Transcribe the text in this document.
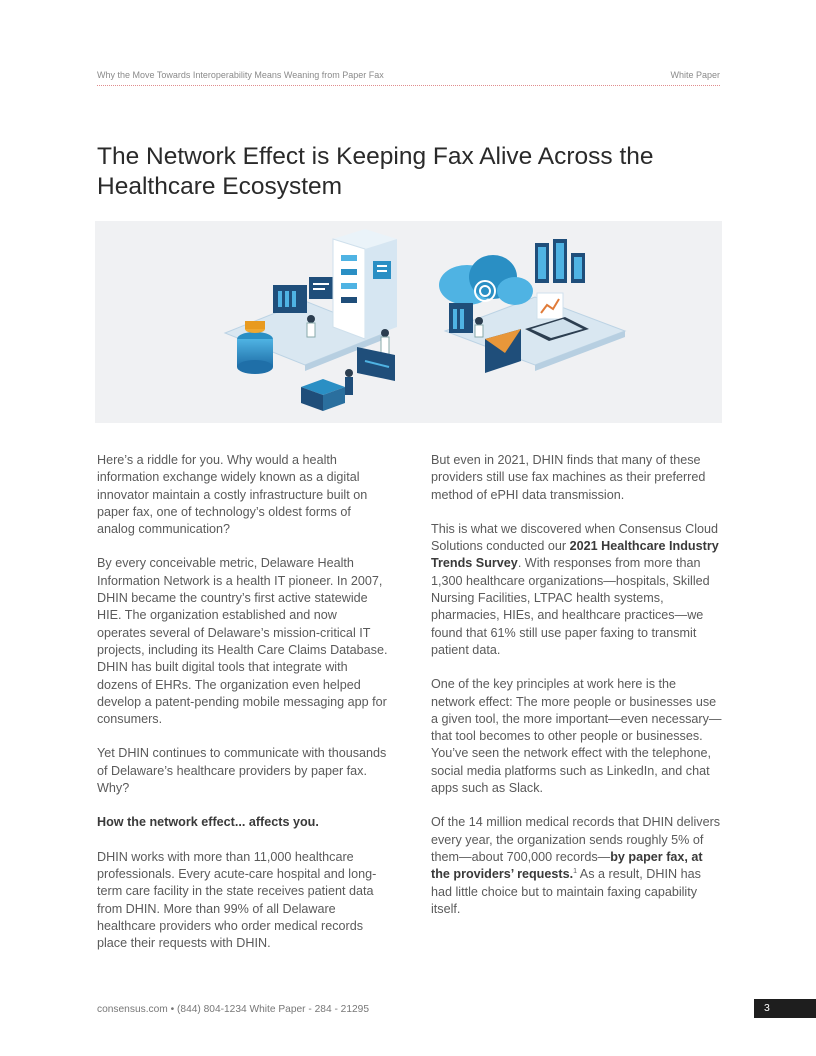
Why the Move Towards Interoperability Means Weaning from Paper Fax	White Paper
The Network Effect is Keeping Fax Alive Across the Healthcare Ecosystem

Here’s a riddle for you. Why would a health information exchange widely known as a digital innovator maintain a costly infrastructure built on paper fax, one of technology’s oldest forms of analog communication?

By every conceivable metric, Delaware Health Information Network is a health IT pioneer. In 2007, DHIN became the country’s first active statewide HIE. The organization established and now operates several of Delaware’s mission-critical IT projects, including its Health Care Claims Database. DHIN has built digital tools that integrate with dozens of EHRs. The organization even helped develop a patent-pending mobile messaging app for consumers.

Yet DHIN continues to communicate with thousands of Delaware’s healthcare providers by paper fax. Why?

How the network effect... affects you.

DHIN works with more than 11,000 healthcare professionals. Every acute-care hospital and long-term care facility in the state receives patient data from DHIN. More than 99% of all Delaware healthcare providers who order medical records place their requests with DHIN.

But even in 2021, DHIN finds that many of these providers still use fax machines as their preferred method of ePHI data transmission.

This is what we discovered when Consensus Cloud Solutions conducted our 2021 Healthcare Industry Trends Survey. With responses from more than 1,300 healthcare organizations—hospitals, Skilled Nursing Facilities, LTPAC health systems, pharmacies, HIEs, and healthcare practices—we found that 61% still use paper faxing to transmit patient data.

One of the key principles at work here is the network effect: The more people or businesses use a given tool, the more important—even necessary—that tool becomes to other people or businesses. You’ve seen the network effect with the telephone, social media platforms such as LinkedIn, and chat apps such as Slack.

Of the 14 million medical records that DHIN delivers every year, the organization sends roughly 5% of them—about 700,000 records—by paper fax, at the providers’ requests.$^1$ As a result, DHIN has had little choice but to maintain faxing capability itself.

consensus.com • (844) 804-1234 White Paper - 284 - 21295	3
